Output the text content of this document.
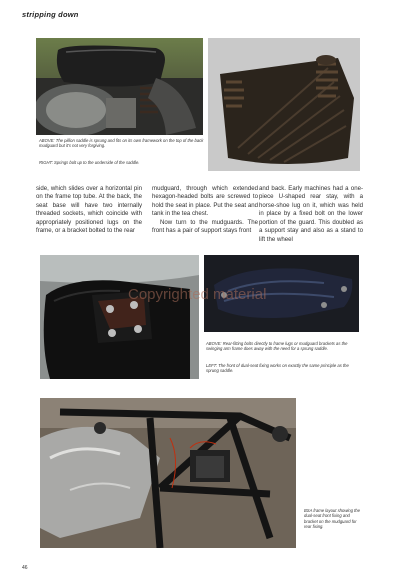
stripping down
ABOVE: The pillion saddle is sprung and fits on its own framework on the top of the back mudguard but it's not very forgiving.
RIGHT: Springs bolt up to the underside of the saddle.

side, which slides over a horizontal pin on the frame top tube. At the back, the seat base will have two internally threaded sockets, which coincide with appropriately positioned lugs on the frame, or a bracket bolted to the rear

mudguard, through which extended hexagon-headed bolts are screwed to hold the seat in place. Put the seat and tank in the tea chest.

Now turn to the mudguards. The front has a pair of support stays front

and back. Early machines had a one-piece U-shaped rear stay, with a horse-shoe lug on it, which was held in place by a fixed bolt on the lower portion of the guard. This doubled as a support stay and also as a stand to lift the wheel

ABOVE: Rear-fitting bolts directly to frame lugs or mudguard brackets as the swinging arm frame does away with the need for a sprung saddle.
LEFT: The front of dual-seat fixing works on exactly the same principle as the sprung saddle.
Copyrighted material
BSA frame layout showing the dual-seat front fixing and bracket on the mudguard for rear fixing.
46
